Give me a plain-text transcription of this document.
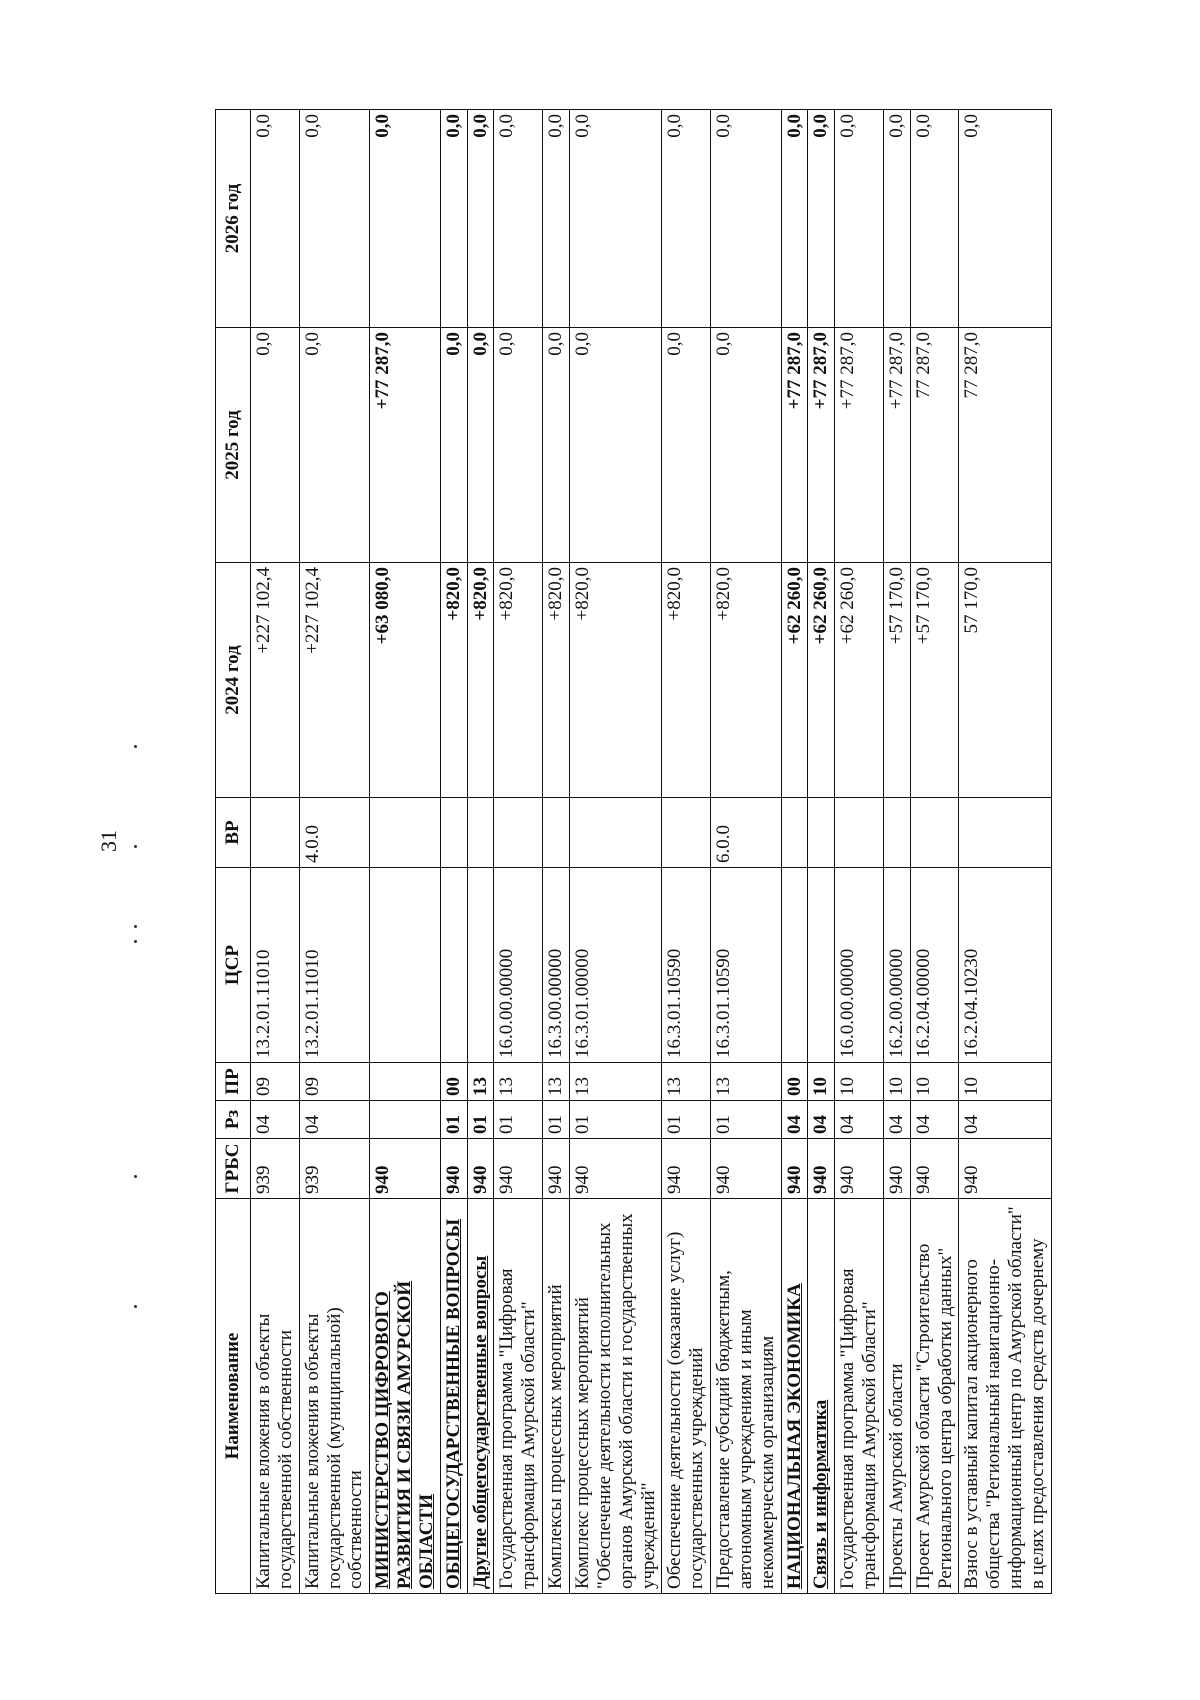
31
Наименование	ГРБС	Рз	ПР	ЦСР	ВР	2024 год	2025 год	2026 год
Капитальные вложения в объекты государственной собственности	939	04	09	13.2.01.11010		+227 102,4	0,0	0,0
Капитальные вложения в объекты государственной (муниципальной) собственности	939	04	09	13.2.01.11010	4.0.0	+227 102,4	0,0	0,0
МИНИСТЕРСТВО ЦИФРОВОГО РАЗВИТИЯ И СВЯЗИ АМУРСКОЙ ОБЛАСТИ	940					+63 080,0	+77 287,0	0,0
ОБЩЕГОСУДАРСТВЕННЫЕ ВОПРОСЫ	940	01	00			+820,0	0,0	0,0
Другие общегосударственные вопросы	940	01	13			+820,0	0,0	0,0
Государственная программа "Цифровая трансформация Амурской области"	940	01	13	16.0.00.00000		+820,0	0,0	0,0
Комплексы процессных мероприятий	940	01	13	16.3.00.00000		+820,0	0,0	0,0
Комплекс процессных мероприятий "Обеспечение деятельности исполнительных органов Амурской области и государственных учреждений"	940	01	13	16.3.01.00000		+820,0	0,0	0,0
Обеспечение деятельности (оказание услуг) государственных учреждений	940	01	13	16.3.01.10590		+820,0	0,0	0,0
Предоставление субсидий бюджетным, автономным учреждениям и иным некоммерческим организациям	940	01	13	16.3.01.10590	6.0.0	+820,0	0,0	0,0
НАЦИОНАЛЬНАЯ ЭКОНОМИКА	940	04	00			+62 260,0	+77 287,0	0,0
Связь и информатика	940	04	10			+62 260,0	+77 287,0	0,0
Государственная программа "Цифровая трансформация Амурской области"	940	04	10	16.0.00.00000		+62 260,0	+77 287,0	0,0
Проекты Амурской области	940	04	10	16.2.00.00000		+57 170,0	+77 287,0	0,0
Проект Амурской области "Строительство Регионального центра обработки данных"	940	04	10	16.2.04.00000		+57 170,0	77 287,0	0,0
Взнос в уставный капитал акционерного общества "Региональный навигационно-информационный центр по Амурской области" в целях предоставления средств дочернему	940	04	10	16.2.04.10230		57 170,0	77 287,0	0,0
